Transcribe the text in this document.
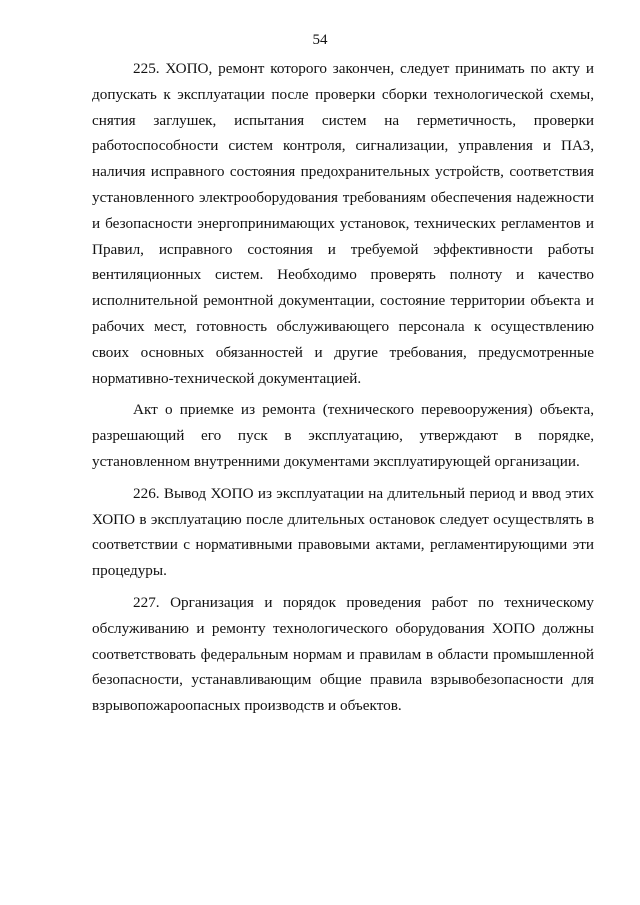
54

225. ХОПО, ремонт которого закончен, следует принимать по акту и допускать к эксплуатации после проверки сборки технологической схемы, снятия заглушек, испытания систем на герметичность, проверки работоспособности систем контроля, сигнализации, управления и ПАЗ, наличия исправного состояния предохранительных устройств, соответствия установленного электрооборудования требованиям обеспечения надежности и безопасности энергопринимающих установок, технических регламентов и Правил, исправного состояния и требуемой эффективности работы вентиляционных систем. Необходимо проверять полноту и качество исполнительной ремонтной документации, состояние территории объекта и рабочих мест, готовность обслуживающего персонала к осуществлению своих основных обязанностей и другие требования, предусмотренные нормативно-технической документацией.

Акт о приемке из ремонта (технического перевооружения) объекта, разрешающий его пуск в эксплуатацию, утверждают в порядке, установленном внутренними документами эксплуатирующей организации.

226. Вывод ХОПО из эксплуатации на длительный период и ввод этих ХОПО в эксплуатацию после длительных остановок следует осуществлять в соответствии с нормативными правовыми актами, регламентирующими эти процедуры.

227. Организация и порядок проведения работ по техническому обслуживанию и ремонту технологического оборудования ХОПО должны соответствовать федеральным нормам и правилам в области промышленной безопасности, устанавливающим общие правила взрывобезопасности для взрывопожароопасных производств и объектов.
